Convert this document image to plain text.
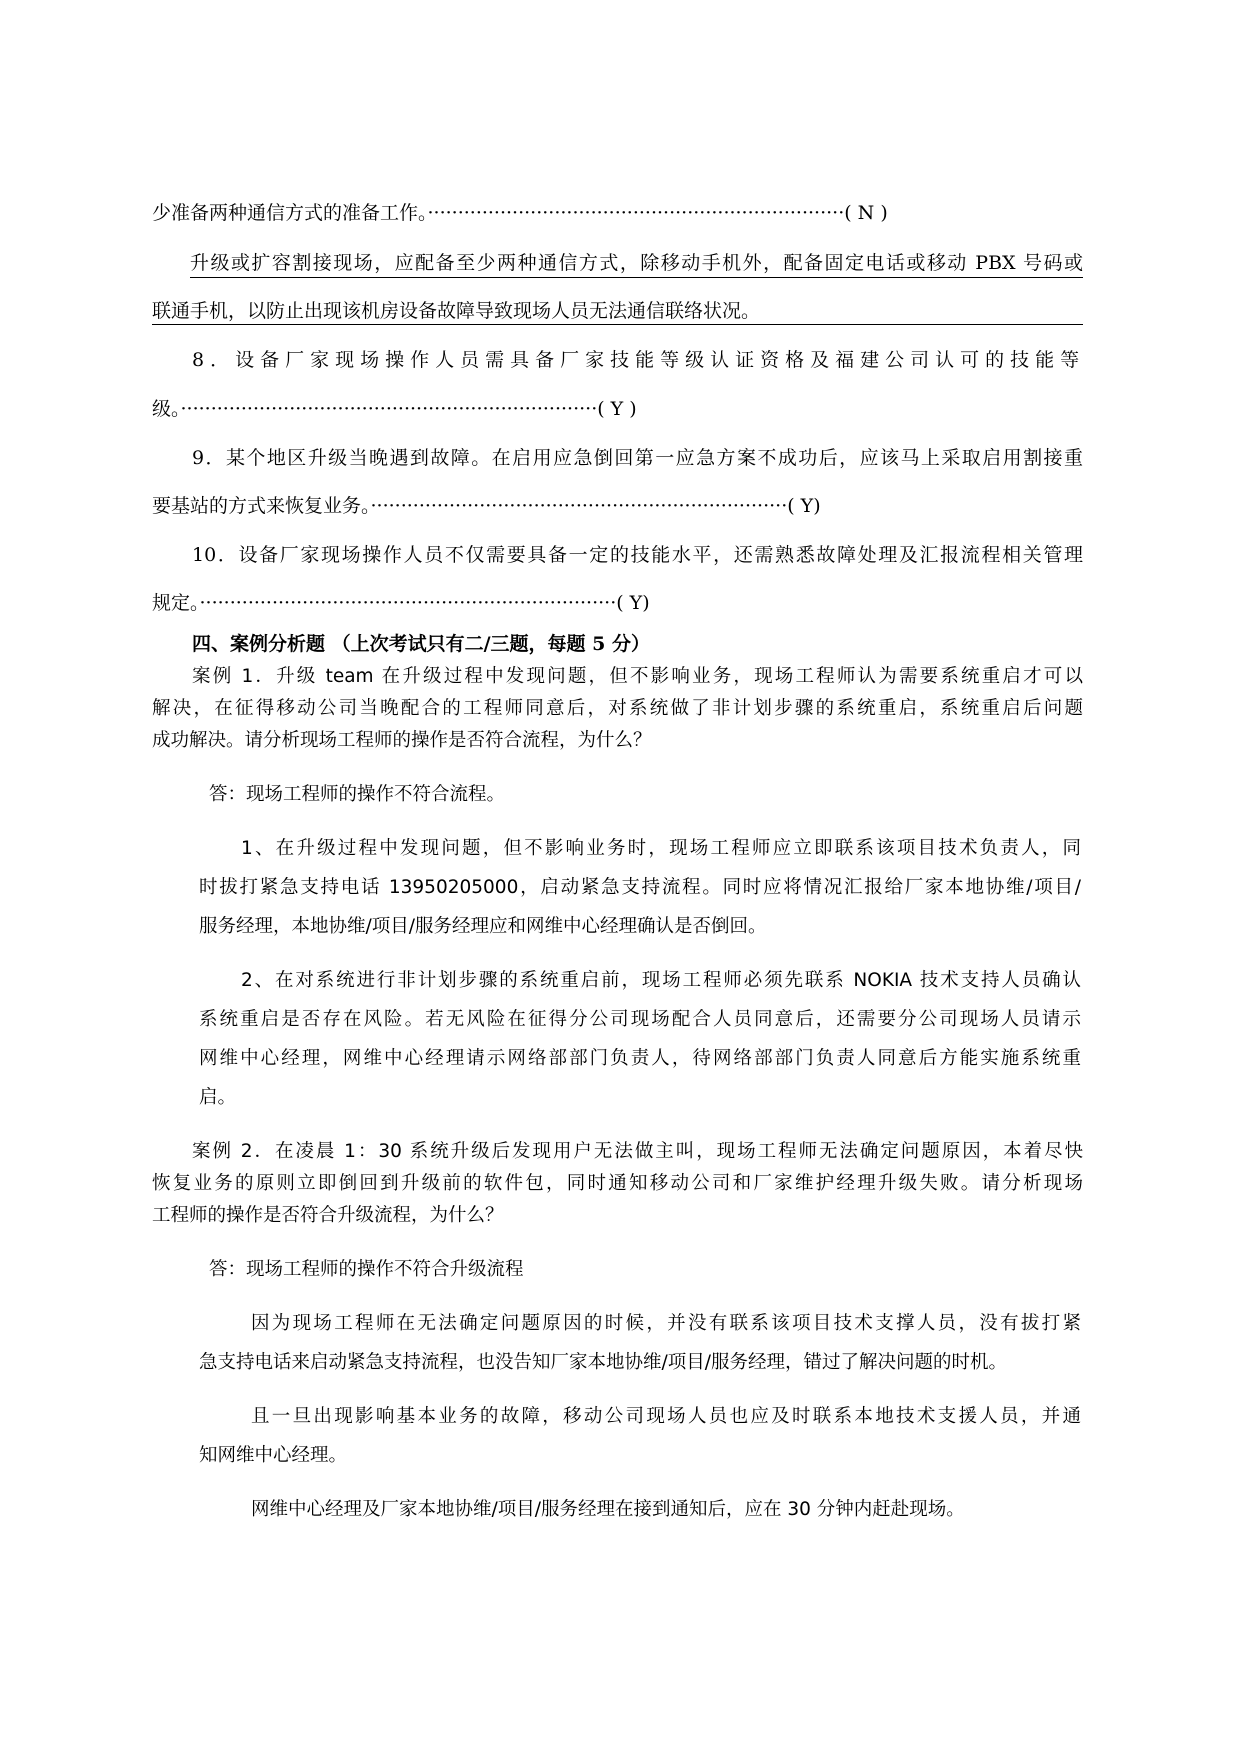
少准备两种通信方式的准备工作。·····································································( N )
升级或扩容割接现场，应配备至少两种通信方式，除移动手机外，配备固定电话或移动 PBX 号码或
联通手机，以防止出现该机房设备故障导致现场人员无法通信联络状况。
8．设备厂家现场操作人员需具备厂家技能等级认证资格及福建公司认可的技能等
级。·····································································( Y )
9．某个地区升级当晚遇到故障。在启用应急倒回第一应急方案不成功后，应该马上采取启用割接重
要基站的方式来恢复业务。·····································································( Y)
10．设备厂家现场操作人员不仅需要具备一定的技能水平，还需熟悉故障处理及汇报流程相关管理
规定。·····································································( Y)
四、案例分析题 （上次考试只有二/三题，每题 5 分）
案例 1．升级 team 在升级过程中发现问题，但不影响业务，现场工程师认为需要系统重启才可以
解决，在征得移动公司当晚配合的工程师同意后，对系统做了非计划步骤的系统重启，系统重启后问题
成功解决。请分析现场工程师的操作是否符合流程，为什么？
答：现场工程师的操作不符合流程。
1、在升级过程中发现问题，但不影响业务时，现场工程师应立即联系该项目技术负责人，同
时拔打紧急支持电话 13950205000，启动紧急支持流程。同时应将情况汇报给厂家本地协维/项目/
服务经理，本地协维/项目/服务经理应和网维中心经理确认是否倒回。
2、在对系统进行非计划步骤的系统重启前，现场工程师必须先联系 NOKIA 技术支持人员确认
系统重启是否存在风险。若无风险在征得分公司现场配合人员同意后，还需要分公司现场人员请示
网维中心经理，网维中心经理请示网络部部门负责人，待网络部部门负责人同意后方能实施系统重
启。
案例 2．在凌晨 1：30 系统升级后发现用户无法做主叫，现场工程师无法确定问题原因，本着尽快
恢复业务的原则立即倒回到升级前的软件包，同时通知移动公司和厂家维护经理升级失败。请分析现场
工程师的操作是否符合升级流程，为什么？
答：现场工程师的操作不符合升级流程
因为现场工程师在无法确定问题原因的时候，并没有联系该项目技术支撑人员，没有拔打紧
急支持电话来启动紧急支持流程，也没告知厂家本地协维/项目/服务经理，错过了解决问题的时机。
且一旦出现影响基本业务的故障，移动公司现场人员也应及时联系本地技术支援人员，并通
知网维中心经理。
网维中心经理及厂家本地协维/项目/服务经理在接到通知后，应在 30 分钟内赶赴现场。
